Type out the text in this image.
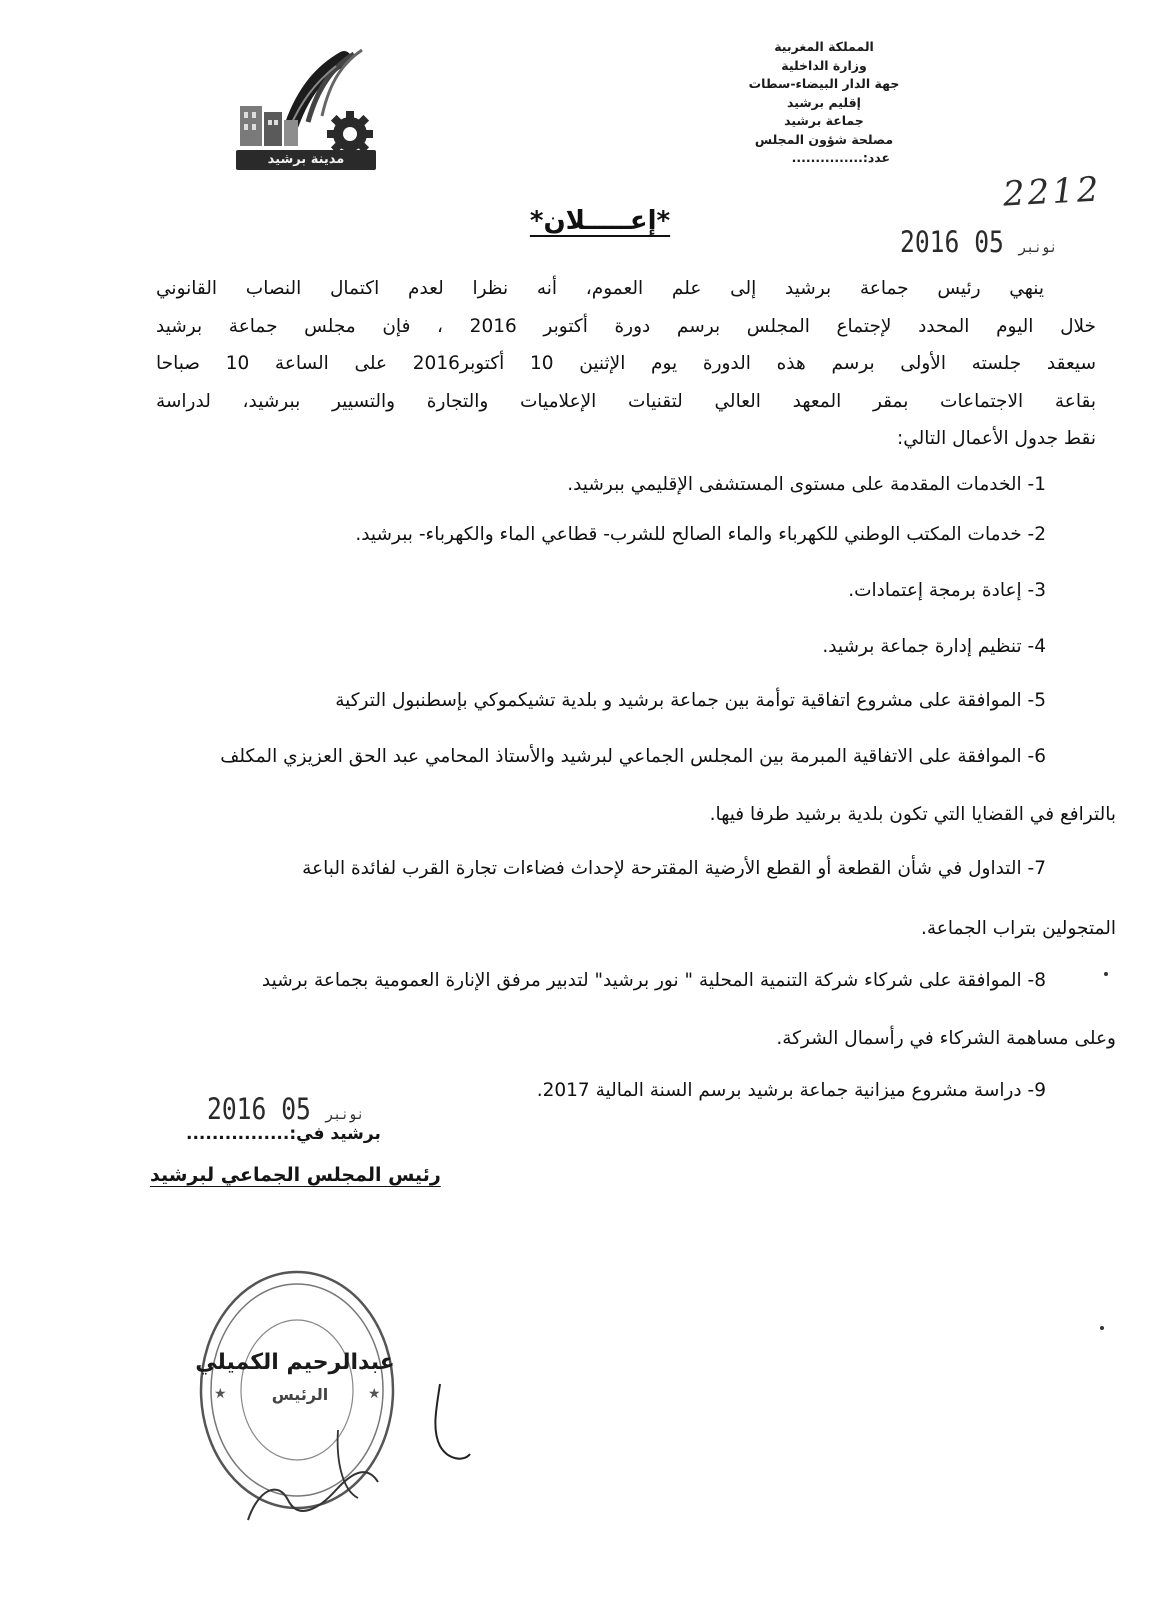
المملكة المغربية
وزارة الداخلية
جهة الدار البيضاء-سطات
إقليم برشيد
جماعة برشيد
مصلحة شؤون المجلس
عدد:...............
مدينة برشيد
2212
2016	نونبر 05
*إعـــــلان*
ينهي رئيس جماعة برشيد إلى علم العموم، أنه نظرا لعدم اكتمال النصاب القانوني
خلال اليوم المحدد لإجتماع المجلس برسم دورة أكتوبر 2016 ، فإن مجلس جماعة برشيد
سيعقد جلسته الأولى برسم هذه الدورة يوم الإثنين 10 أكتوبر2016 على الساعة 10 صباحا
بقاعة الاجتماعات بمقر المعهد العالي لتقنيات الإعلاميات والتجارة والتسيير ببرشيد، لدراسة
نقط جدول الأعمال التالي:
1- الخدمات المقدمة على مستوى المستشفى الإقليمي ببرشيد.
2- خدمات المكتب الوطني للكهرباء والماء الصالح للشرب- قطاعي الماء والكهرباء- ببرشيد.
3- إعادة برمجة إعتمادات.
4- تنظيم إدارة جماعة برشيد.
5- الموافقة على مشروع اتفاقية توأمة بين جماعة برشيد و بلدية تشيكموكي بإسطنبول التركية
6- الموافقة على الاتفاقية المبرمة بين المجلس الجماعي لبرشيد والأستاذ المحامي عبد الحق العزيزي المكلف
بالترافع في القضايا التي تكون بلدية برشيد طرفا فيها.
7- التداول في شأن القطعة أو القطع الأرضية المقترحة لإحداث فضاءات تجارة القرب لفائدة الباعة
المتجولين بتراب الجماعة.
8- الموافقة على شركاء شركة التنمية المحلية " نور برشيد" لتدبير مرفق الإنارة العمومية بجماعة برشيد
وعلى مساهمة الشركاء في رأسمال الشركة.
9- دراسة مشروع ميزانية جماعة برشيد برسم السنة المالية 2017.
2016	نونبر 05
برشيد في:................
رئيس المجلس الجماعي لبرشيد
★	★
عبدالرحيم الكميلي
الرئيس
